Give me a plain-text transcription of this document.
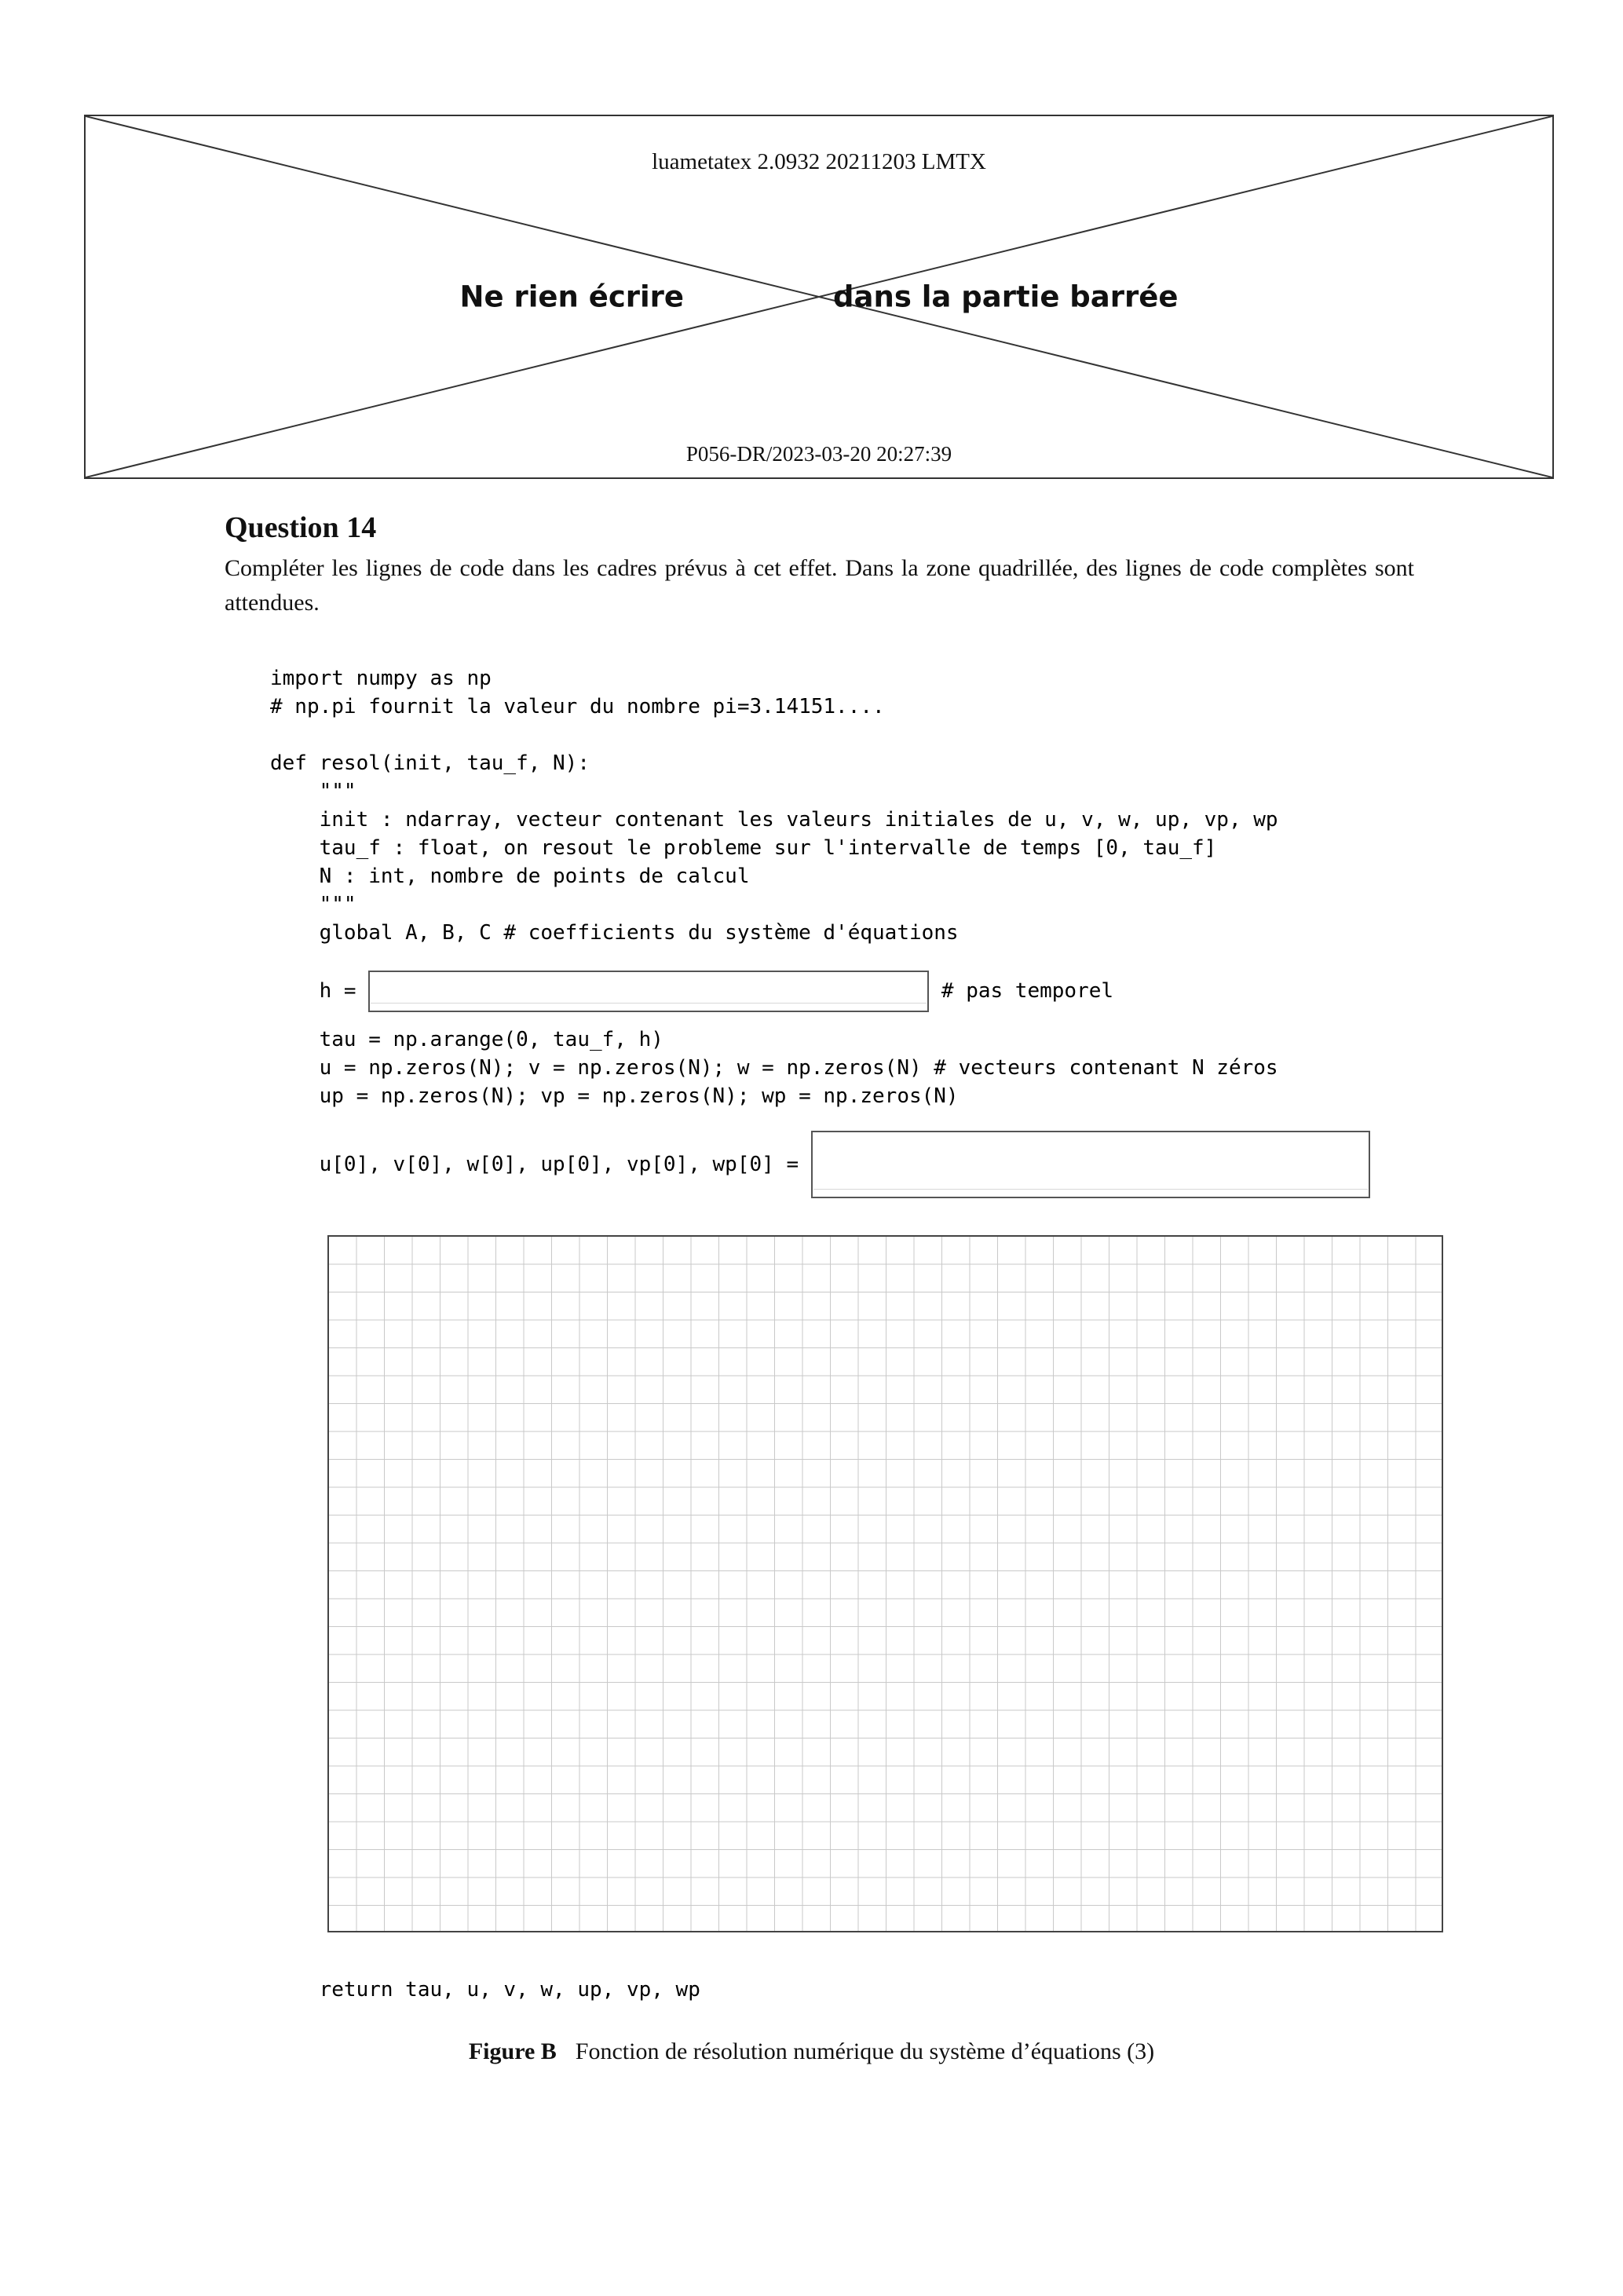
luametatex 2.0932 20211203 LMTX
Ne rien écrire	dans la partie barrée
P056-DR/2023-03-20 20:27:39
Question 14

Compléter les lignes de code dans les cadres prévus à cet effet. Dans la zone quadrillée, des lignes de code complètes sont attendues.

import numpy as np
# np.pi fournit la valeur du nombre pi=3.14151....
def resol(init, tau_f, N):
"""
init : ndarray, vecteur contenant les valeurs initiales de u, v, w, up, vp, wp
tau_f : float, on resout le probleme sur l'intervalle de temps [0, tau_f]
N : int, nombre de points de calcul
"""
global A, B, C # coefficients du système d'équations
h =	# pas temporel
tau = np.arange(0, tau_f, h)
u = np.zeros(N); v = np.zeros(N); w = np.zeros(N) # vecteurs contenant N zéros
up = np.zeros(N); vp = np.zeros(N); wp = np.zeros(N)
u[0], v[0], w[0], up[0], vp[0], wp[0] =
return tau, u, v, w, up, vp, wp
Figure B Fonction de résolution numérique du système d’équations (3)
